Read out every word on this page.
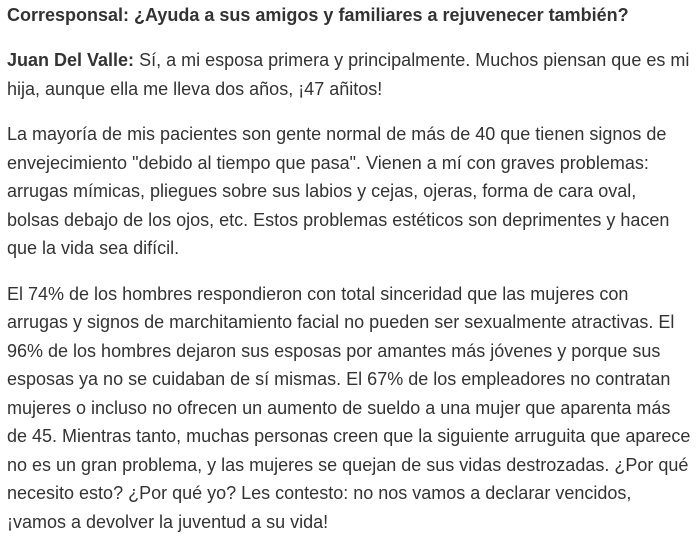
Corresponsal: ¿Ayuda a sus amigos y familiares a rejuvenecer también?

Juan Del Valle: Sí, a mi esposa primera y principalmente. Muchos piensan que es mi hija, aunque ella me lleva dos años, ¡47 añitos!

La mayoría de mis pacientes son gente normal de más de 40 que tienen signos de envejecimiento "debido al tiempo que pasa". Vienen a mí con graves problemas: arrugas mímicas, pliegues sobre sus labios y cejas, ojeras, forma de cara oval, bolsas debajo de los ojos, etc. Estos problemas estéticos son deprimentes y hacen que la vida sea difícil.

El 74% de los hombres respondieron con total sinceridad que las mujeres con arrugas y signos de marchitamiento facial no pueden ser sexualmente atractivas. El 96% de los hombres dejaron sus esposas por amantes más jóvenes y porque sus esposas ya no se cuidaban de sí mismas. El 67% de los empleadores no contratan mujeres o incluso no ofrecen un aumento de sueldo a una mujer que aparenta más de 45. Mientras tanto, muchas personas creen que la siguiente arruguita que aparece no es un gran problema, y las mujeres se quejan de sus vidas destrozadas. ¿Por qué necesito esto? ¿Por qué yo? Les contesto: no nos vamos a declarar vencidos, ¡vamos a devolver la juventud a su vida!
